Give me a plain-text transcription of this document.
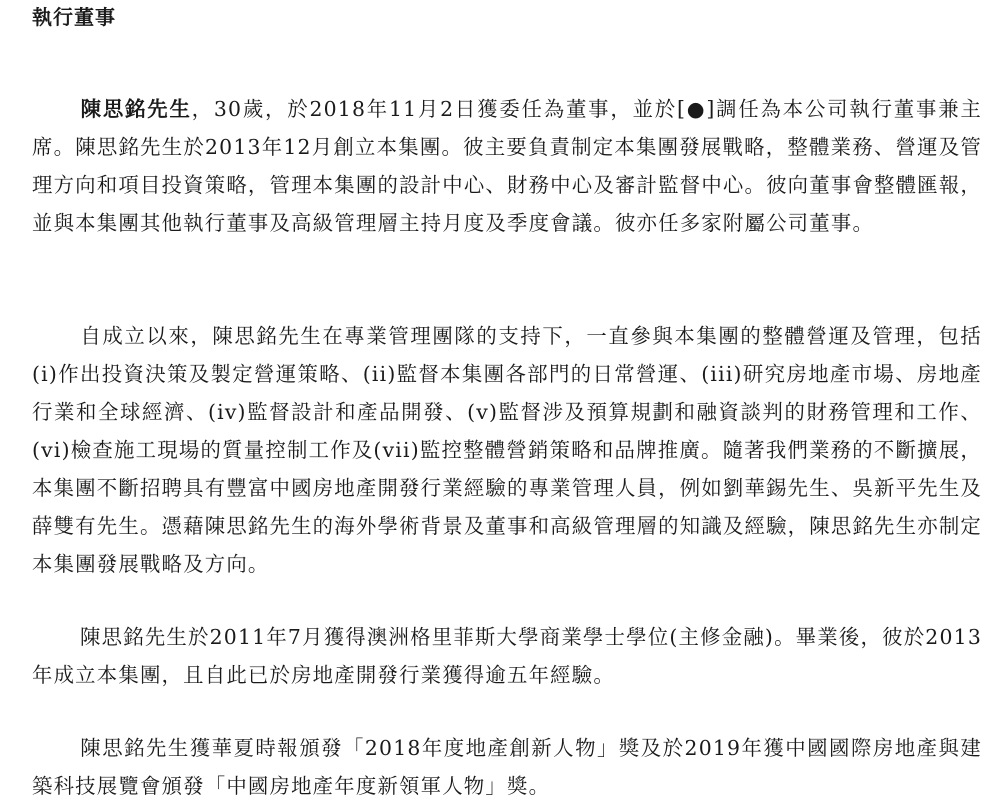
執行董事

陳思銘先生，30歲，於2018年11月2日獲委任為董事，並於[●]調任為本公司執行董事兼主席。陳思銘先生於2013年12月創立本集團。彼主要負責制定本集團發展戰略，整體業務、營運及管理方向和項目投資策略，管理本集團的設計中心、財務中心及審計監督中心。彼向董事會整體匯報，並與本集團其他執行董事及高級管理層主持月度及季度會議。彼亦任多家附屬公司董事。

自成立以來，陳思銘先生在專業管理團隊的支持下，一直參與本集團的整體營運及管理，包括(i)作出投資決策及製定營運策略、(ii)監督本集團各部門的日常營運、(iii)研究房地產市場、房地產行業和全球經濟、(iv)監督設計和產品開發、(v)監督涉及預算規劃和融資談判的財務管理和工作、(vi)檢查施工現場的質量控制工作及(vii)監控整體營銷策略和品牌推廣。隨著我們業務的不斷擴展，本集團不斷招聘具有豐富中國房地產開發行業經驗的專業管理人員，例如劉華錫先生、吳新平先生及薛雙有先生。憑藉陳思銘先生的海外學術背景及董事和高級管理層的知識及經驗，陳思銘先生亦制定本集團發展戰略及方向。

陳思銘先生於2011年7月獲得澳洲格里菲斯大學商業學士學位(主修金融)。畢業後，彼於2013年成立本集團，且自此已於房地產開發行業獲得逾五年經驗。

陳思銘先生獲華夏時報頒發「2018年度地產創新人物」獎及於2019年獲中國國際房地產與建築科技展覽會頒發「中國房地產年度新領軍人物」獎。
